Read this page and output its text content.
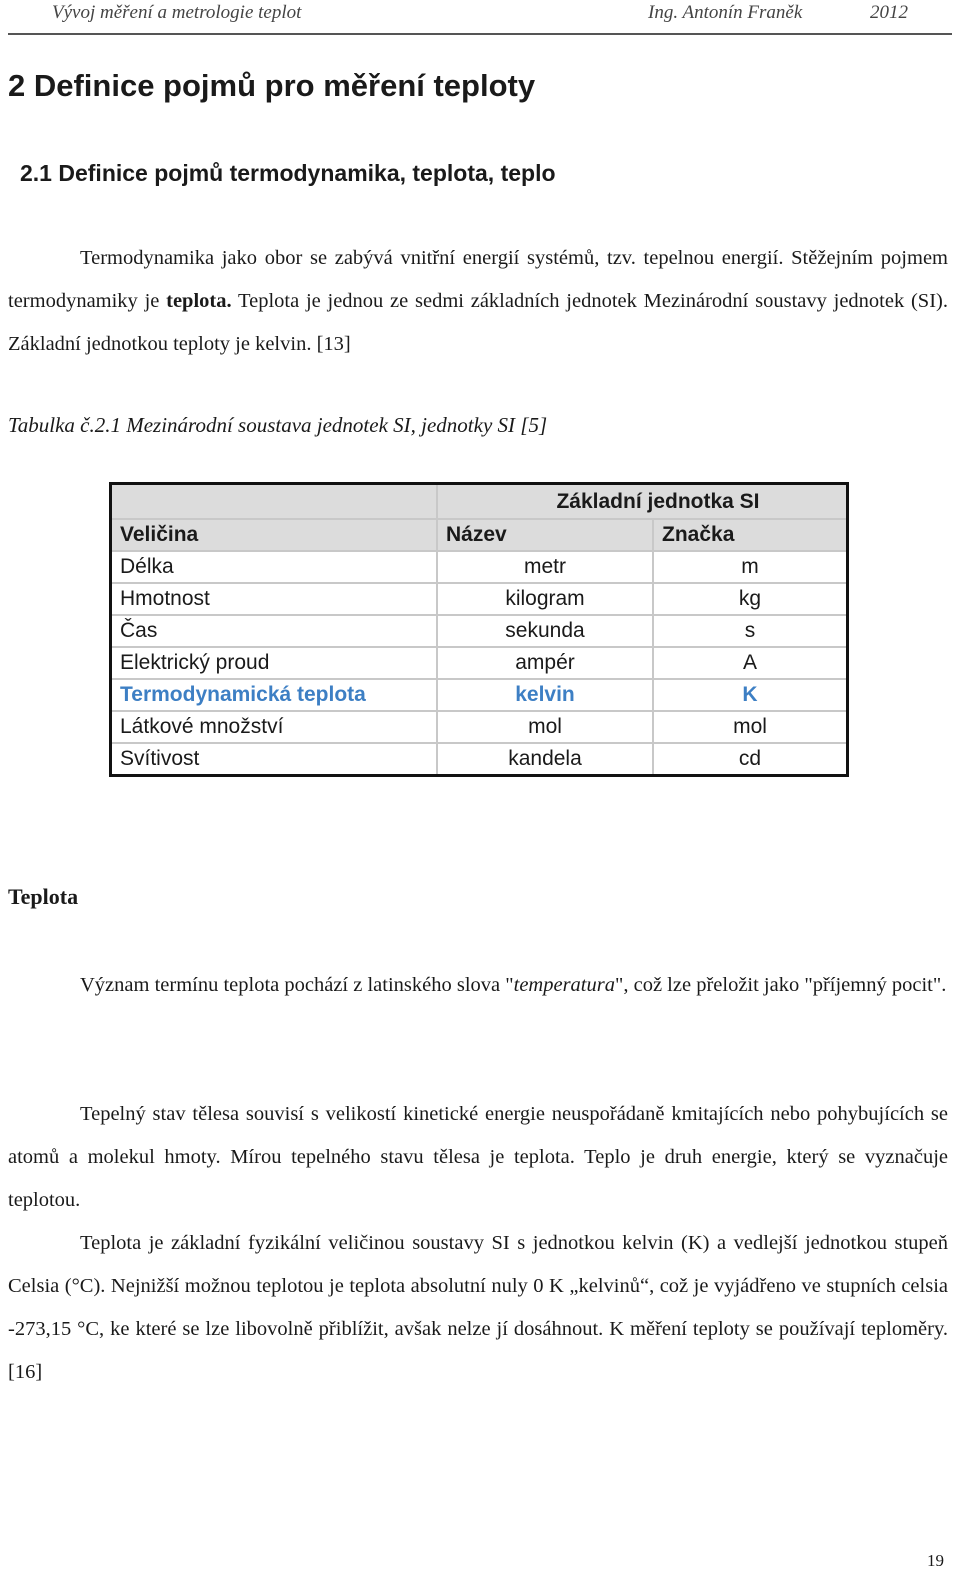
Vývoj měření a metrologie teplot	Ing. Antonín Franěk	2012
2 Definice pojmů pro měření teploty
2.1 Definice pojmů termodynamika, teplota, teplo

Termodynamika jako obor se zabývá vnitřní energií systémů, tzv. tepelnou energií. Stěžejním pojmem termodynamiky je teplota. Teplota je jednou ze sedmi základních jednotek Mezinárodní soustavy jednotek (SI). Základní jednotkou teploty je kelvin. [13]

Tabulka č.2.1 Mezinárodní soustava jednotek SI, jednotky SI [5]
	Základní jednotka SI	
Veličina	Název	Značka
Délka	metr	m
Hmotnost	kilogram	kg
Čas	sekunda	s
Elektrický proud	ampér	A
Termodynamická teplota	kelvin	K
Látkové množství	mol	mol
Svítivost	kandela	cd
Teplota

Význam termínu teplota pochází z latinského slova "temperatura", což lze přeložit jako "příjemný pocit".

Tepelný stav tělesa souvisí s velikostí kinetické energie neuspořádaně kmitajících nebo pohybujících se atomů a molekul hmoty. Mírou tepelného stavu tělesa je teplota. Teplo je druh energie, který se vyznačuje teplotou.

Teplota je základní fyzikální veličinou soustavy SI s jednotkou kelvin (K) a vedlejší jednotkou stupeň Celsia (°C). Nejnižší možnou teplotou je teplota absolutní nuly 0 K „kelvinů“, což je vyjádřeno ve stupních celsia -273,15 °C, ke které se lze libovolně přiblížit, avšak nelze jí dosáhnout. K měření teploty se používají teploměry. [16]

19
